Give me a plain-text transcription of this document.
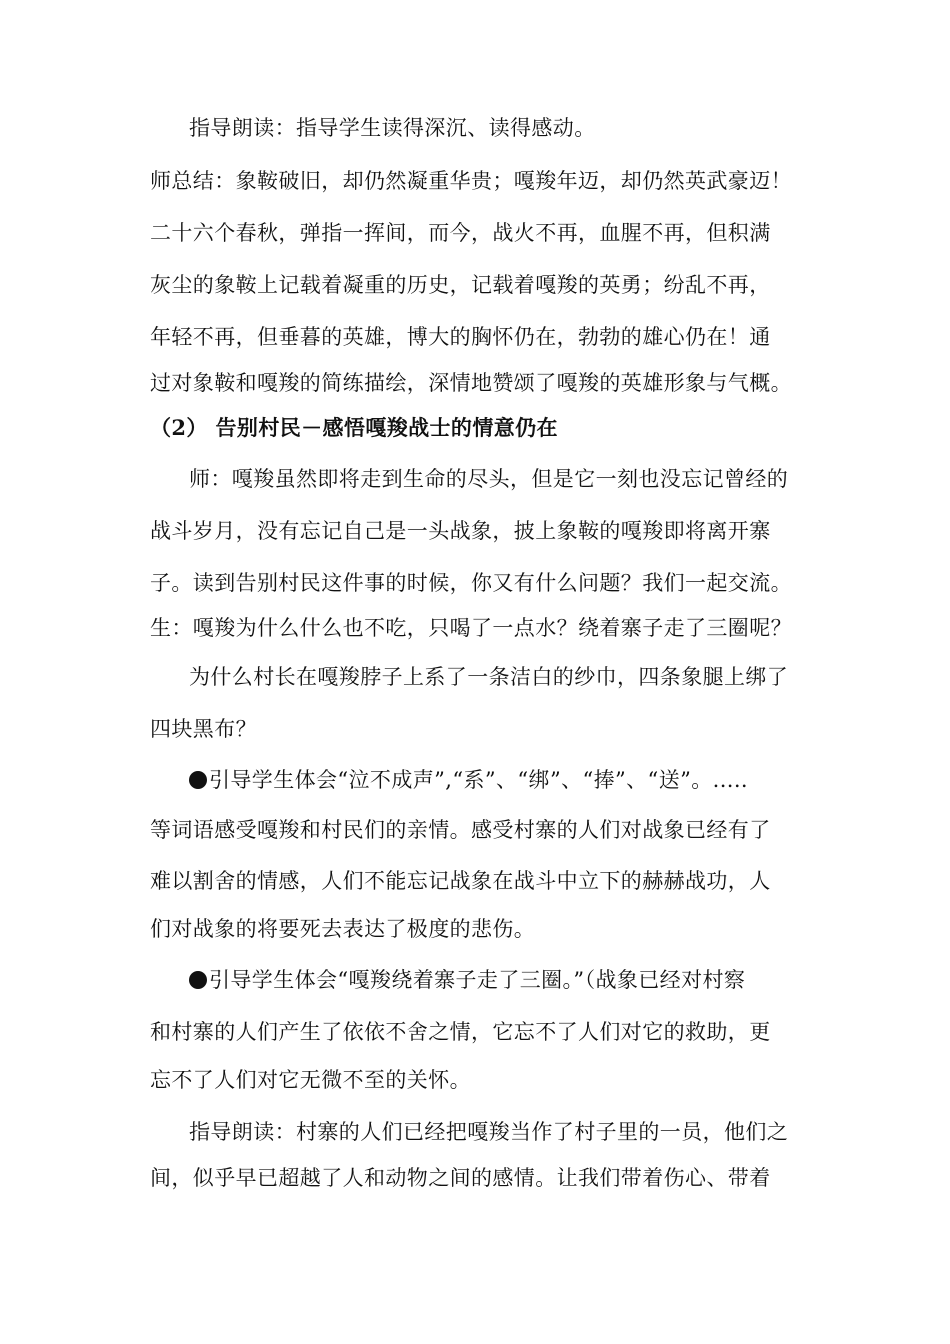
指导朗读：指导学生读得深沉、读得感动。
师总结：象鞍破旧，却仍然凝重华贵；嘎羧年迈，却仍然英武豪迈！
二十六个春秋，弹指一挥间，而今，战火不再，血腥不再，但积满
灰尘的象鞍上记载着凝重的历史，记载着嘎羧的英勇；纷乱不再，
年轻不再，但垂暮的英雄，博大的胸怀仍在，勃勃的雄心仍在！通
过对象鞍和嘎羧的简练描绘，深情地赞颂了嘎羧的英雄形象与气概。
（2） 告别村民－感悟嘎羧战士的情意仍在
师：嘎羧虽然即将走到生命的尽头，但是它一刻也没忘记曾经的
战斗岁月，没有忘记自己是一头战象，披上象鞍的嘎羧即将离开寨
子。读到告别村民这件事的时候，你又有什么问题？我们一起交流。
生：嘎羧为什么什么也不吃，只喝了一点水？绕着寨子走了三圈呢？
为什么村长在嘎羧脖子上系了一条洁白的纱巾，四条象腿上绑了
四块黑布？
引导学生体会“泣不成声”,“系”、“绑”、“捧”、“送”。.....
等词语感受嘎羧和村民们的亲情。感受村寨的人们对战象已经有了
难以割舍的情感，人们不能忘记战象在战斗中立下的赫赫战功，人
们对战象的将要死去表达了极度的悲伤。
引导学生体会“嘎羧绕着寨子走了三圈。”（战象已经对村察
和村寨的人们产生了依依不舍之情，它忘不了人们对它的救助，更
忘不了人们对它无微不至的关怀。
指导朗读：村寨的人们已经把嘎羧当作了村子里的一员，他们之
间，似乎早已超越了人和动物之间的感情。让我们带着伤心、带着
